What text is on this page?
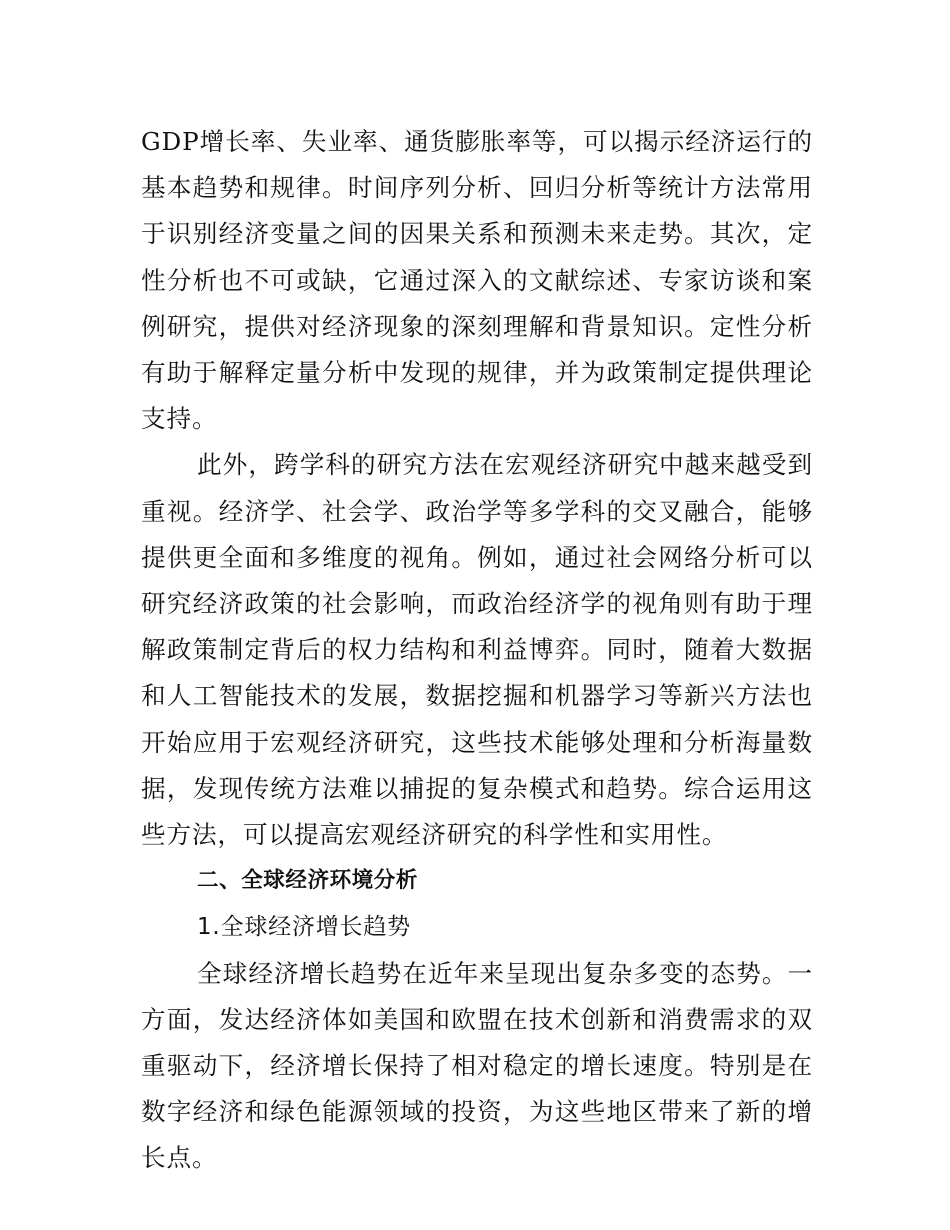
GDP增长率、失业率、通货膨胀率等，可以揭示经济运行的基本趋势和规律。时间序列分析、回归分析等统计方法常用于识别经济变量之间的因果关系和预测未来走势。其次，定性分析也不可或缺，它通过深入的文献综述、专家访谈和案例研究，提供对经济现象的深刻理解和背景知识。定性分析有助于解释定量分析中发现的规律，并为政策制定提供理论支持。

此外，跨学科的研究方法在宏观经济研究中越来越受到重视。经济学、社会学、政治学等多学科的交叉融合，能够提供更全面和多维度的视角。例如，通过社会网络分析可以研究经济政策的社会影响，而政治经济学的视角则有助于理解政策制定背后的权力结构和利益博弈。同时，随着大数据和人工智能技术的发展，数据挖掘和机器学习等新兴方法也开始应用于宏观经济研究，这些技术能够处理和分析海量数据，发现传统方法难以捕捉的复杂模式和趋势。综合运用这些方法，可以提高宏观经济研究的科学性和实用性。

二、全球经济环境分析

1.全球经济增长趋势

全球经济增长趋势在近年来呈现出复杂多变的态势。一方面，发达经济体如美国和欧盟在技术创新和消费需求的双重驱动下，经济增长保持了相对稳定的增长速度。特别是在数字经济和绿色能源领域的投资，为这些地区带来了新的增长点。
